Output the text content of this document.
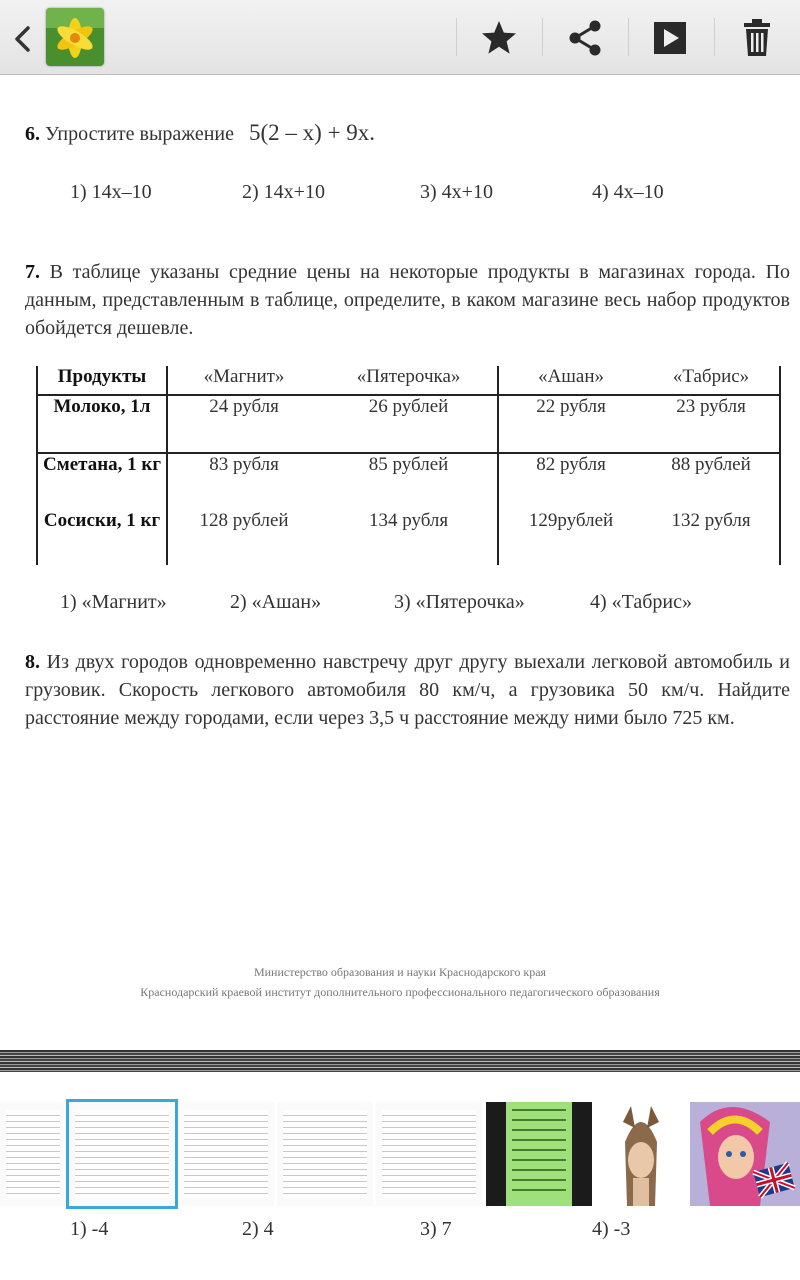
6. Упростите выражение 5(2 – x) + 9x.
1) 14x–10	2) 14x+10	3) 4x+10	4) 4x–10
7. В таблице указаны средние цены на некоторые продукты в магазинах города. По данным, представленным в таблице, определите, в каком магазине весь набор продуктов обойдется дешевле.
Продукты	«Магнит»	«Пятерочка»	«Ашан»	«Табрис»
Молоко, 1л	24 рубля	26 рублей	22 рубля	23 рубля
Сметана, 1 кг	83 рубля	85 рублей	82 рубля	88 рублей
Сосиски, 1 кг	128 рублей	134 рубля	129рублей	132 рубля
1) «Магнит»	2) «Ашан»	3) «Пятерочка»	4) «Табрис»
8. Из двух городов одновременно навстречу друг другу выехали легковой автомобиль и грузовик. Скорость легкового автомобиля 80 км/ч, а грузовика 50 км/ч. Найдите расстояние между городами, если через 3,5 ч расстояние между ними было 725 км.
Министерство образования и науки Краснодарского края
Краснодарский краевой институт дополнительного профессионального педагогического образования
1) -4	2) 4	3) 7	4) -3
